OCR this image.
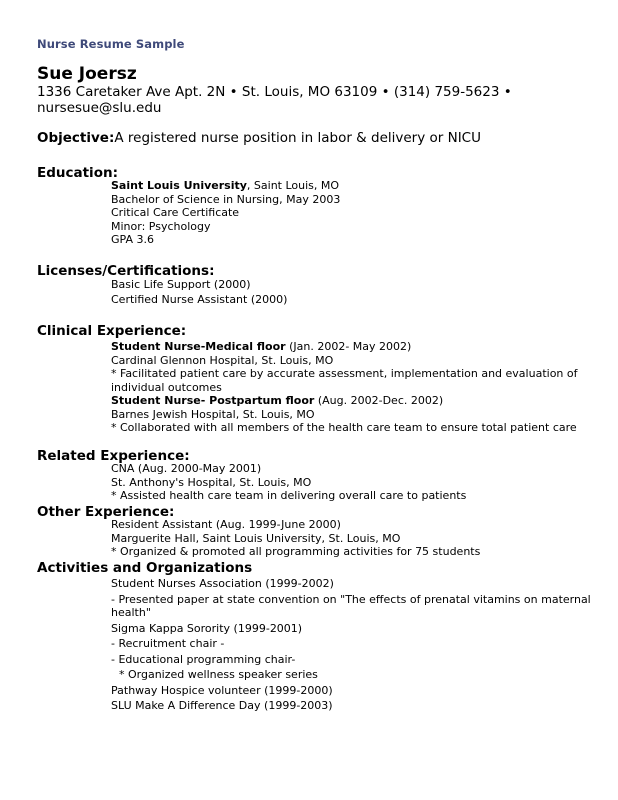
Nurse Resume Sample
Sue Joersz
1336 Caretaker Ave Apt. 2N • St. Louis, MO 63109 • (314) 759-5623 • nursesue@slu.edu
Objective:A registered nurse position in labor & delivery or NICU
Education:
Saint Louis University, Saint Louis, MO
Bachelor of Science in Nursing, May 2003
Critical Care Certificate
Minor: Psychology
GPA 3.6
Licenses/Certifications:
Basic Life Support (2000)
Certified Nurse Assistant (2000)
Clinical Experience:
Student Nurse-Medical floor (Jan. 2002- May 2002)
Cardinal Glennon Hospital, St. Louis, MO
* Facilitated patient care by accurate assessment, implementation and evaluation of individual outcomes
Student Nurse- Postpartum floor (Aug. 2002-Dec. 2002)
Barnes Jewish Hospital, St. Louis, MO
* Collaborated with all members of the health care team to ensure total patient care
Related Experience:
CNA (Aug. 2000-May 2001)
St. Anthony's Hospital, St. Louis, MO
* Assisted health care team in delivering overall care to patients
Other Experience:
Resident Assistant (Aug. 1999-June 2000)
Marguerite Hall, Saint Louis University, St. Louis, MO
* Organized & promoted all programming activities for 75 students
Activities and Organizations
Student Nurses Association (1999-2002)
- Presented paper at state convention on "The effects of prenatal vitamins on maternal health"
Sigma Kappa Sorority (1999-2001)
- Recruitment chair -
- Educational programming chair-
* Organized wellness speaker series
Pathway Hospice volunteer (1999-2000)
SLU Make A Difference Day (1999-2003)
